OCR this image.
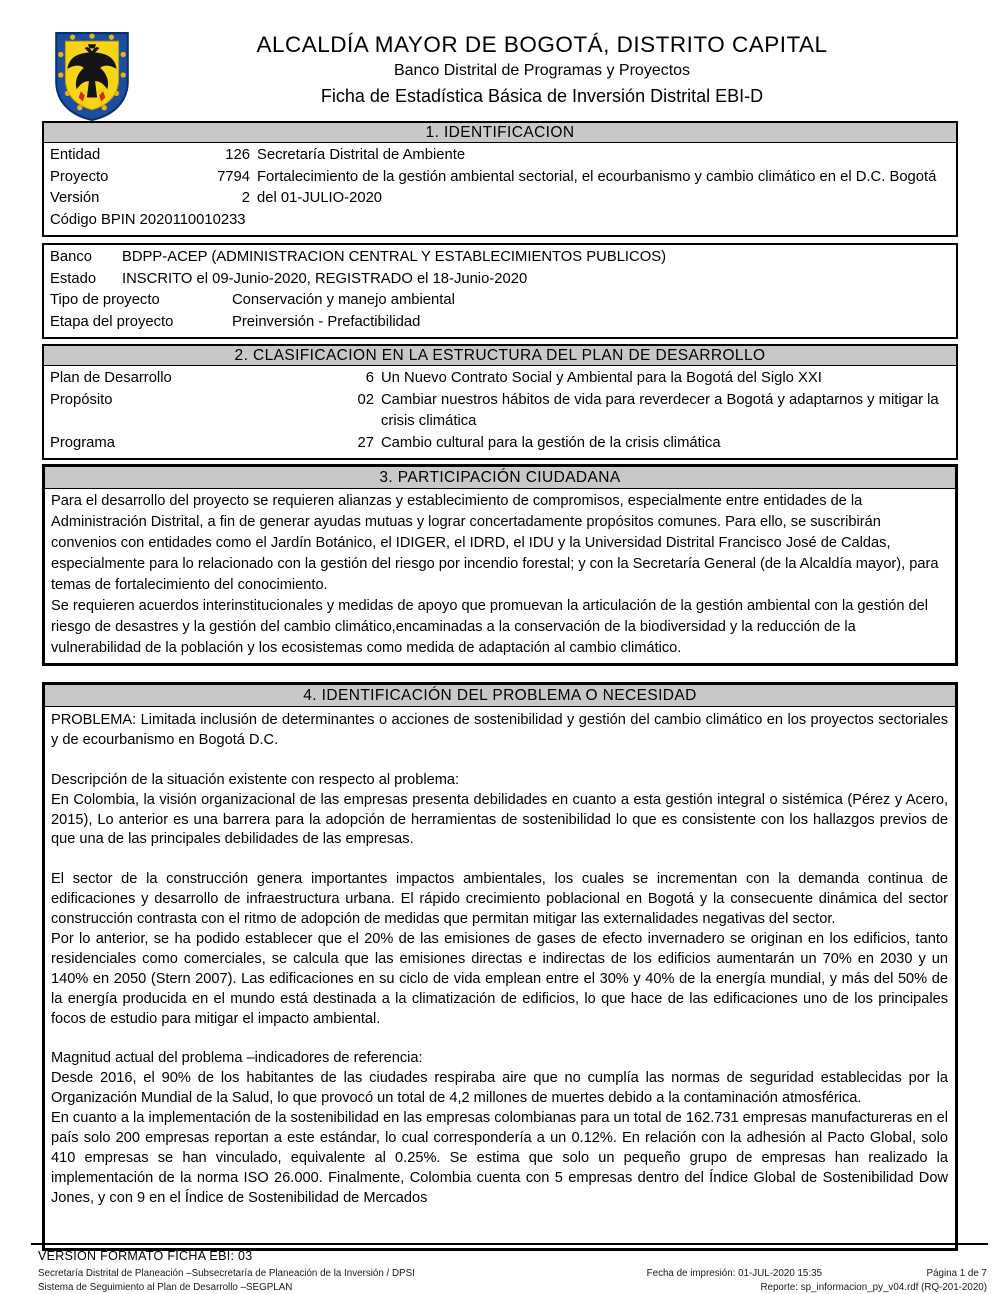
ALCALDÍA MAYOR DE BOGOTÁ, DISTRITO CAPITAL
Banco Distrital de Programas y Proyectos
Ficha de Estadística Básica de Inversión Distrital EBI-D
1. IDENTIFICACION
Entidad	126 Secretaría Distrital de Ambiente
Proyecto	7794 Fortalecimiento de la gestión ambiental sectorial, el ecourbanismo y cambio climático en el D.C. Bogotá
Versión	2 del 01-JULIO-2020
Código BPIN 2020110010233
Banco	BDPP-ACEP (ADMINISTRACION CENTRAL Y ESTABLECIMIENTOS PUBLICOS)
Estado	INSCRITO el 09-Junio-2020, REGISTRADO el 18-Junio-2020
Tipo de proyecto	Conservación y manejo ambiental
Etapa del proyecto	Preinversión - Prefactibilidad
2. CLASIFICACION EN LA ESTRUCTURA DEL PLAN DE DESARROLLO
Plan de Desarrollo	6 Un Nuevo Contrato Social y Ambiental para la Bogotá del Siglo XXI
Propósito	02 Cambiar nuestros hábitos de vida para reverdecer a Bogotá y adaptarnos y mitigar la crisis climática
Programa	27 Cambio cultural para la gestión de la crisis climática
3. PARTICIPACIÓN CIUDADANA
Para el desarrollo del proyecto se requieren alianzas y establecimiento de compromisos, especialmente entre entidades de la Administración Distrital, a fin de generar ayudas mutuas y lograr concertadamente propósitos comunes. Para ello, se suscribirán convenios con entidades como el Jardín Botánico, el IDIGER, el IDRD, el IDU y la Universidad Distrital Francisco José de Caldas, especialmente para lo relacionado con la gestión del riesgo por incendio forestal; y con la Secretaría General (de la Alcaldía mayor), para temas de fortalecimiento del conocimiento.
Se requieren acuerdos interinstitucionales y medidas de apoyo que promuevan la articulación de la gestión ambiental con la gestión del riesgo de desastres y la gestión del cambio climático,encaminadas a la conservación de la biodiversidad y la reducción de la vulnerabilidad de la población y los ecosistemas como medida de adaptación al cambio climático.
4. IDENTIFICACIÓN DEL PROBLEMA O NECESIDAD
PROBLEMA: Limitada inclusión de determinantes o acciones de sostenibilidad y gestión del cambio climático en los proyectos sectoriales y de ecourbanismo en Bogotá D.C.
Descripción de la situación existente con respecto al problema:
En Colombia, la visión organizacional de las empresas presenta debilidades en cuanto a esta gestión integral o sistémica (Pérez y Acero, 2015), Lo anterior es una barrera para la adopción de herramientas de sostenibilidad lo que es consistente con los hallazgos previos de que una de las principales debilidades de las empresas.
El sector de la construcción genera importantes impactos ambientales, los cuales se incrementan con la demanda continua de edificaciones y desarrollo de infraestructura urbana. El rápido crecimiento poblacional en Bogotá y la consecuente dinámica del sector construcción contrasta con el ritmo de adopción de medidas que permitan mitigar las externalidades negativas del sector.
Por lo anterior, se ha podido establecer que el 20% de las emisiones de gases de efecto invernadero se originan en los edificios, tanto residenciales como comerciales, se calcula que las emisiones directas e indirectas de los edificios aumentarán un 70% en 2030 y un 140% en 2050 (Stern 2007). Las edificaciones en su ciclo de vida emplean entre el 30% y 40% de la energía mundial, y más del 50% de la energía producida en el mundo está destinada a la climatización de edificios, lo que hace de las edificaciones uno de los principales focos de estudio para mitigar el impacto ambiental.
Magnitud actual del problema –indicadores de referencia:
Desde 2016, el 90% de los habitantes de las ciudades respiraba aire que no cumplía las normas de seguridad establecidas por la Organización Mundial de la Salud, lo que provocó un total de 4,2 millones de muertes debido a la contaminación atmosférica.
En cuanto a la implementación de la sostenibilidad en las empresas colombianas para un total de 162.731 empresas manufactureras en el país solo 200 empresas reportan a este estándar, lo cual correspondería a un 0.12%. En relación con la adhesión al Pacto Global, solo 410 empresas se han vinculado, equivalente al 0.25%. Se estima que solo un pequeño grupo de empresas han realizado la implementación de la norma ISO 26.000. Finalmente, Colombia cuenta con 5 empresas dentro del Índice Global de Sostenibilidad Dow Jones, y con 9 en el Índice de Sostenibilidad de Mercados
VERSIÓN FORMATO FICHA EBI: 03
Secretaría Distrital de Planeación –Subsecretaría de Planeación de la Inversión / DPSI	Fecha de impresión: 01-JUL-2020 15:35	Página 1 de 7
Sistema de Seguimiento al Plan de Desarrollo –SEGPLAN	Reporte: sp_informacion_py_v04.rdf (RQ-201-2020)
